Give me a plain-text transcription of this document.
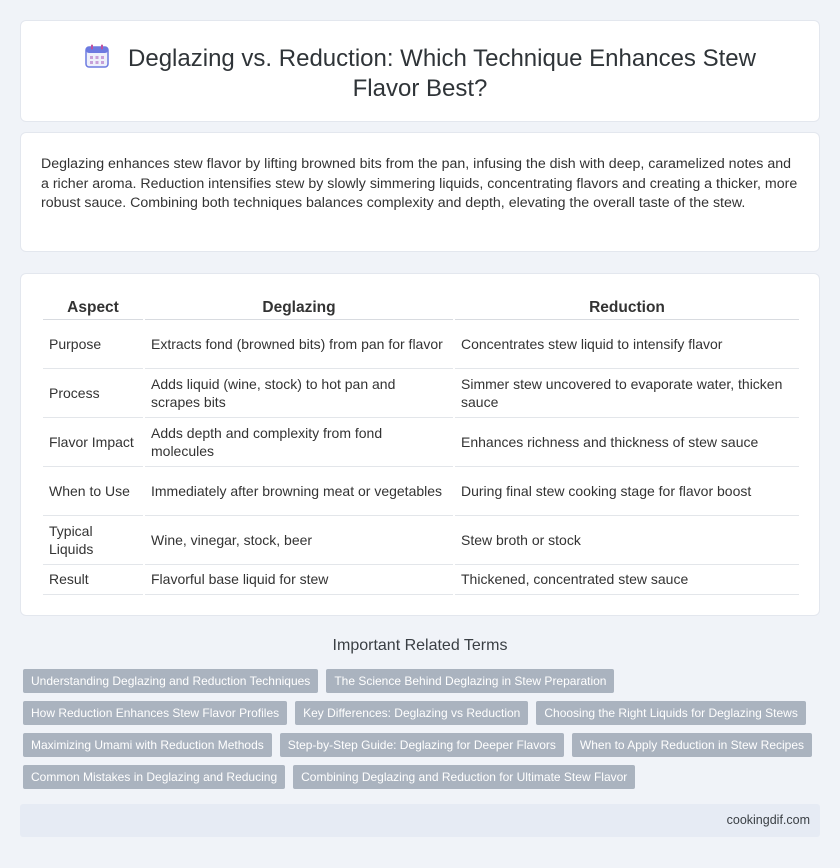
Deglazing vs. Reduction: Which Technique Enhances Stew Flavor Best?

Deglazing enhances stew flavor by lifting browned bits from the pan, infusing the dish with deep, caramelized notes and a richer aroma. Reduction intensifies stew by slowly simmering liquids, concentrating flavors and creating a thicker, more robust sauce. Combining both techniques balances complexity and depth, elevating the overall taste of the stew.

Aspect	Deglazing	Reduction
Purpose	Extracts fond (browned bits) from pan for flavor	Concentrates stew liquid to intensify flavor
Process	Adds liquid (wine, stock) to hot pan and scrapes bits	Simmer stew uncovered to evaporate water, thicken sauce
Flavor Impact	Adds depth and complexity from fond molecules	Enhances richness and thickness of stew sauce
When to Use	Immediately after browning meat or vegetables	During final stew cooking stage for flavor boost
Typical Liquids	Wine, vinegar, stock, beer	Stew broth or stock
Result	Flavorful base liquid for stew	Thickened, concentrated stew sauce
Important Related Terms
Understanding Deglazing and Reduction Techniques	The Science Behind Deglazing in Stew Preparation
How Reduction Enhances Stew Flavor Profiles	Key Differences: Deglazing vs Reduction	Choosing the Right Liquids for Deglazing Stews
Maximizing Umami with Reduction Methods	Step-by-Step Guide: Deglazing for Deeper Flavors	When to Apply Reduction in Stew Recipes
Common Mistakes in Deglazing and Reducing	Combining Deglazing and Reduction for Ultimate Stew Flavor
cookingdif.com
